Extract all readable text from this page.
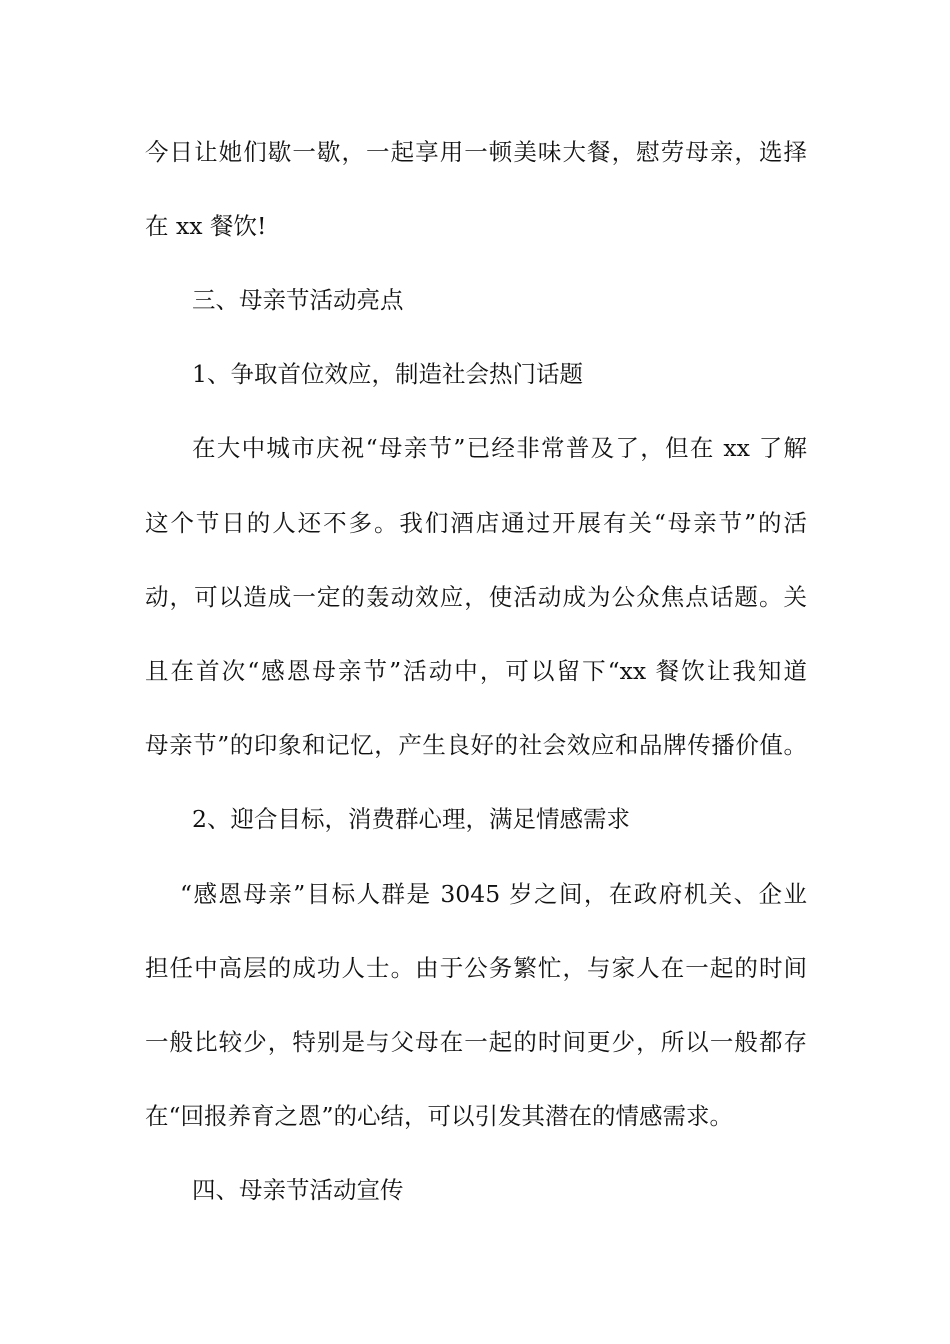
今日让她们歇一歇，一起享用一顿美味大餐，慰劳母亲，选择
在 xx 餐饮!
三、母亲节活动亮点
1、争取首位效应，制造社会热门话题
在大中城市庆祝“母亲节”已经非常普及了，但在 xx 了解
这个节日的人还不多。我们酒店通过开展有关“母亲节”的活
动，可以造成一定的轰动效应，使活动成为公众焦点话题。关
且在首次“感恩母亲节”活动中，可以留下“xx 餐饮让我知道
母亲节”的印象和记忆，产生良好的社会效应和品牌传播价值。
2、迎合目标，消费群心理，满足情感需求
“感恩母亲”目标人群是 3045 岁之间，在政府机关、企业
担任中高层的成功人士。由于公务繁忙，与家人在一起的时间
一般比较少，特别是与父母在一起的时间更少，所以一般都存
在“回报养育之恩”的心结，可以引发其潜在的情感需求。
四、母亲节活动宣传
